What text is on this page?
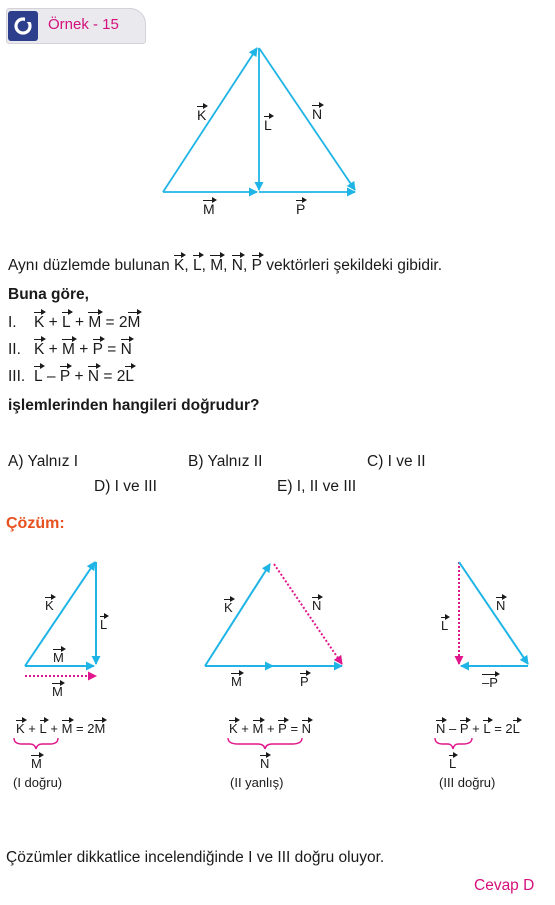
Örnek - 15
K
L
N
M	P
Aynı düzlemde bulunan K, L, M, N, P vektörleri şekildeki gibidir.
Buna göre,
I. K + L + M = 2M
II. K + M + P = N
III. L – P + N = 2L
işlemlerinden hangileri doğrudur?
A) Yalnız I	B) Yalnız II	C) I ve II
D) I ve III	E) I, II ve III
Çözüm:
K
L
M
M
K	N
M	P
L
N
–P
K + L + M = 2M	K + M + P = N	N – P + L = 2L
M	N	L
(I doğru)	(II yanlış)	(III doğru)
Çözümler dikkatlice incelendiğinde I ve III doğru oluyor.
Cevap D
